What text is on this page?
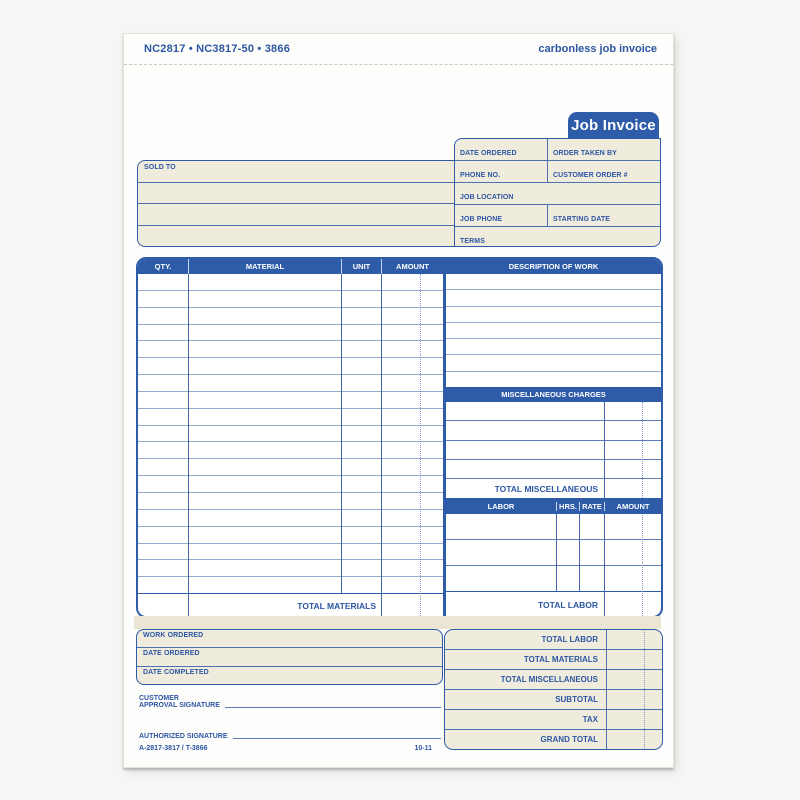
NC2817 • NC3817-50 • 3866	carbonless job invoice
Job Invoice
SOLD TO
DATE ORDERED	ORDER TAKEN BY
PHONE NO.	CUSTOMER ORDER #
JOB LOCATION
JOB PHONE	STARTING DATE
TERMS
QTY.	MATERIAL	UNIT	AMOUNT	DESCRIPTION OF WORK
TOTAL MATERIALS
MISCELLANEOUS CHARGES
TOTAL MISCELLANEOUS
LABOR	HRS. RATE	AMOUNT
TOTAL LABOR
WORK ORDERED
DATE ORDERED
DATE COMPLETED
TOTAL LABOR
TOTAL MATERIALS
TOTAL MISCELLANEOUS
SUBTOTAL
TAX
GRAND TOTAL
CUSTOMER
APPROVAL SIGNATURE
AUTHORIZED SIGNATURE
A-2817-3817 / T-3866	10-11
